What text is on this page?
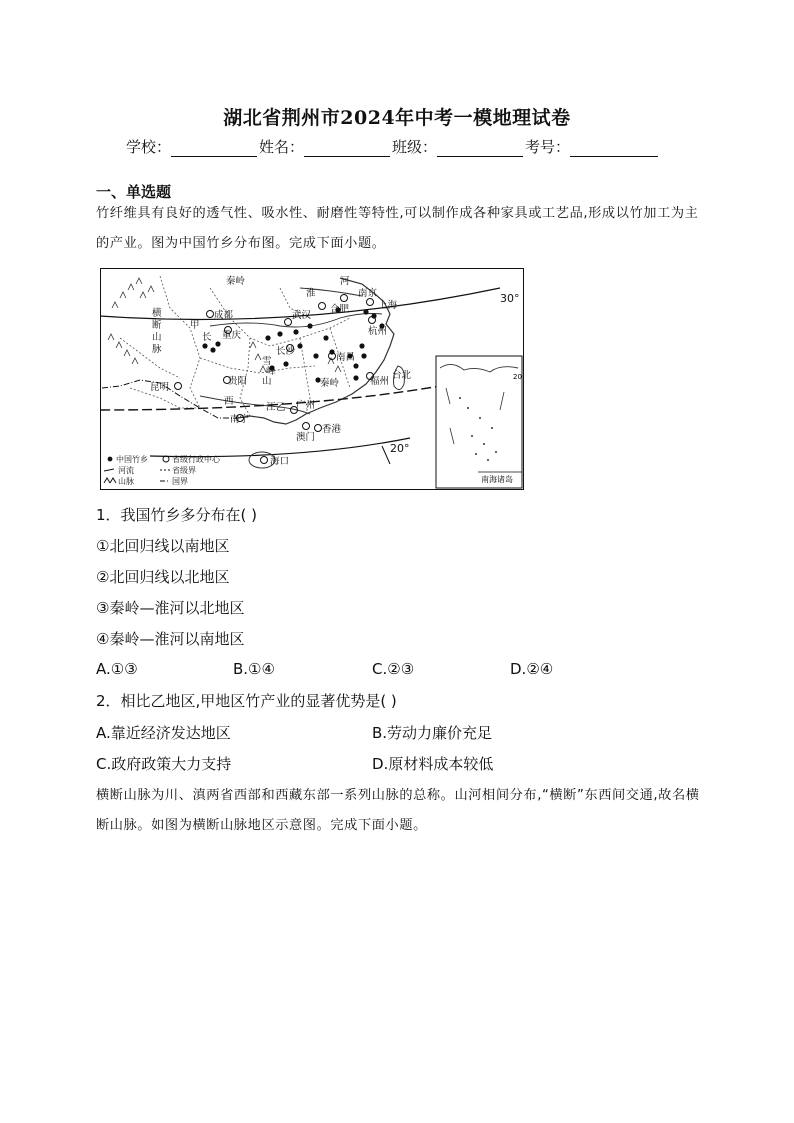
湖北省荆州市2024年中考一模地理试卷
学校：	姓名：	班级：	考号：
一、单选题
竹纤维具有良好的透气性、吸水性、耐磨性等特性,可以制作成各种家具或工艺品,形成以竹加工为主的产业。图为中国竹乡分布图。完成下面小题。
20
南海诸岛
秦岭	河
淮	南京
上海
合肥
武汉
杭州
成都
重庆
甲
长
长沙
南昌
雪
峰
山
贵阳
昆明
福州
台北
秦岭
横
断
山
脉
乙
西
江 广州
南宁
澳门
香港
海口
30°
20°
中国竹乡	省级行政中心
河流	省级界
山脉	国界
1．我国竹乡多分布在( )
①北回归线以南地区
②北回归线以北地区
③秦岭—淮河以北地区
④秦岭—淮河以南地区
A.①③	B.①④	C.②③	D.②④
2．相比乙地区,甲地区竹产业的显著优势是( )
A.靠近经济发达地区	B.劳动力廉价充足
C.政府政策大力支持	D.原材料成本较低
横断山脉为川、滇两省西部和西藏东部一系列山脉的总称。山河相间分布,“横断”东西间交通,故名横断山脉。如图为横断山脉地区示意图。完成下面小题。
